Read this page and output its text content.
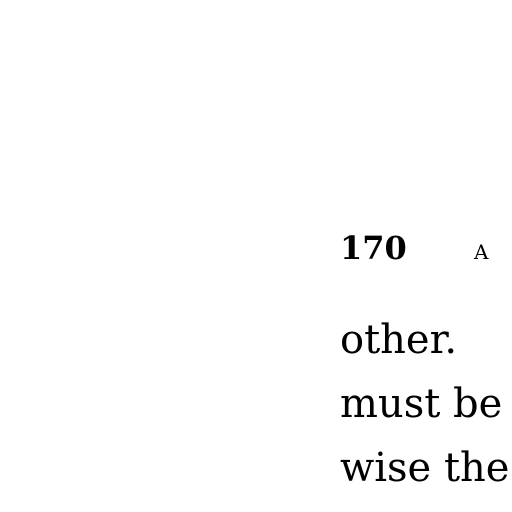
170	A
other.
must be
wise the
